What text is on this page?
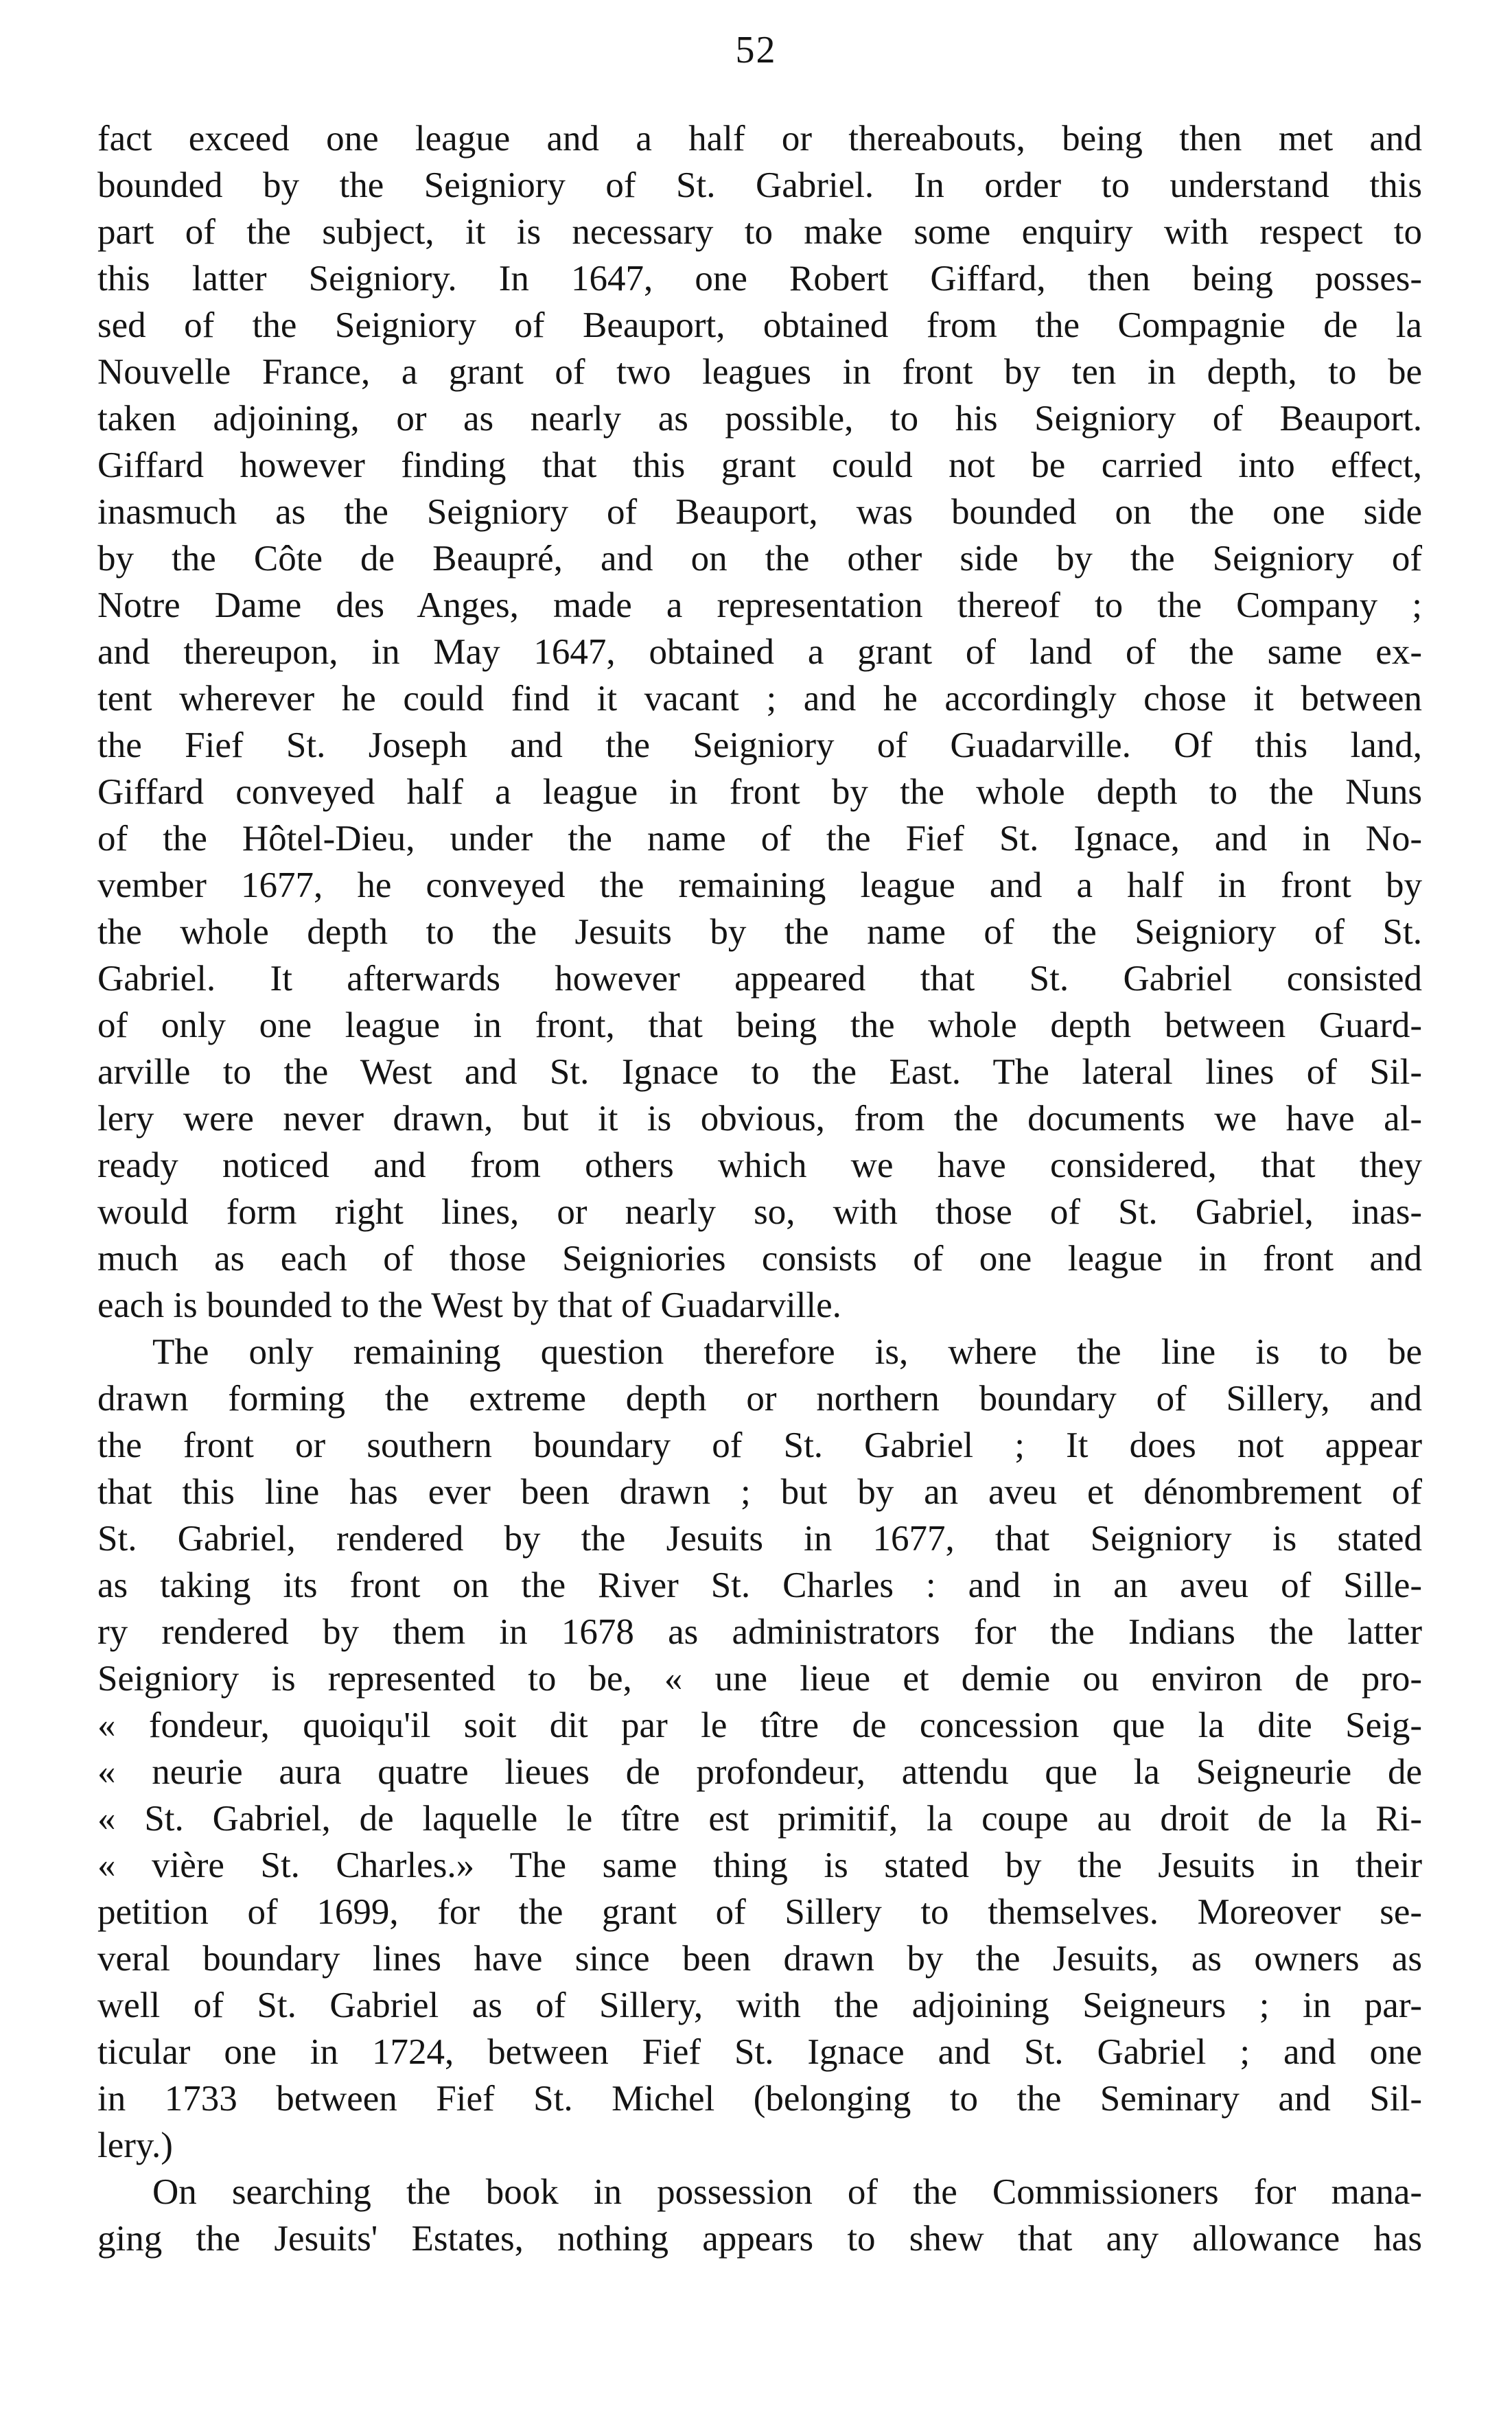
52
fact exceed one league and a half or thereabouts, being then met and
bounded by the Seigniory of St. Gabriel. In order to understand this
part of the subject, it is necessary to make some enquiry with respect to
this latter Seigniory. In 1647, one Robert Giffard, then being posses-
sed of the Seigniory of Beauport, obtained from the Compagnie de la
Nouvelle France, a grant of two leagues in front by ten in depth, to be
taken adjoining, or as nearly as possible, to his Seigniory of Beauport.
Giffard however finding that this grant could not be carried into effect,
inasmuch as the Seigniory of Beauport, was bounded on the one side
by the Côte de Beaupré, and on the other side by the Seigniory of
Notre Dame des Anges, made a representation thereof to the Company ;
and thereupon, in May 1647, obtained a grant of land of the same ex-
tent wherever he could find it vacant ; and he accordingly chose it between
the Fief St. Joseph and the Seigniory of Guadarville. Of this land,
Giffard conveyed half a league in front by the whole depth to the Nuns
of the Hôtel-Dieu, under the name of the Fief St. Ignace, and in No-
vember 1677, he conveyed the remaining league and a half in front by
the whole depth to the Jesuits by the name of the Seigniory of St.
Gabriel. It afterwards however appeared that St. Gabriel consisted
of only one league in front, that being the whole depth between Guard-
arville to the West and St. Ignace to the East. The lateral lines of Sil-
lery were never drawn, but it is obvious, from the documents we have al-
ready noticed and from others which we have considered, that they
would form right lines, or nearly so, with those of St. Gabriel, inas-
much as each of those Seigniories consists of one league in front and
each is bounded to the West by that of Guadarville.
The only remaining question therefore is, where the line is to be
drawn forming the extreme depth or northern boundary of Sillery, and
the front or southern boundary of St. Gabriel ; It does not appear
that this line has ever been drawn ; but by an aveu et dénombrement of
St. Gabriel, rendered by the Jesuits in 1677, that Seigniory is stated
as taking its front on the River St. Charles : and in an aveu of Sille-
ry rendered by them in 1678 as administrators for the Indians the latter
Seigniory is represented to be, « une lieue et demie ou environ de pro-
« fondeur, quoiqu'il soit dit par le tître de concession que la dite Seig-
« neurie aura quatre lieues de profondeur, attendu que la Seigneurie de
« St. Gabriel, de laquelle le tître est primitif, la coupe au droit de la Ri-
« vière St. Charles.» The same thing is stated by the Jesuits in their
petition of 1699, for the grant of Sillery to themselves. Moreover se-
veral boundary lines have since been drawn by the Jesuits, as owners as
well of St. Gabriel as of Sillery, with the adjoining Seigneurs ; in par-
ticular one in 1724, between Fief St. Ignace and St. Gabriel ; and one
in 1733 between Fief St. Michel (belonging to the Seminary and Sil-
lery.)
On searching the book in possession of the Commissioners for mana-
ging the Jesuits' Estates, nothing appears to shew that any allowance has
